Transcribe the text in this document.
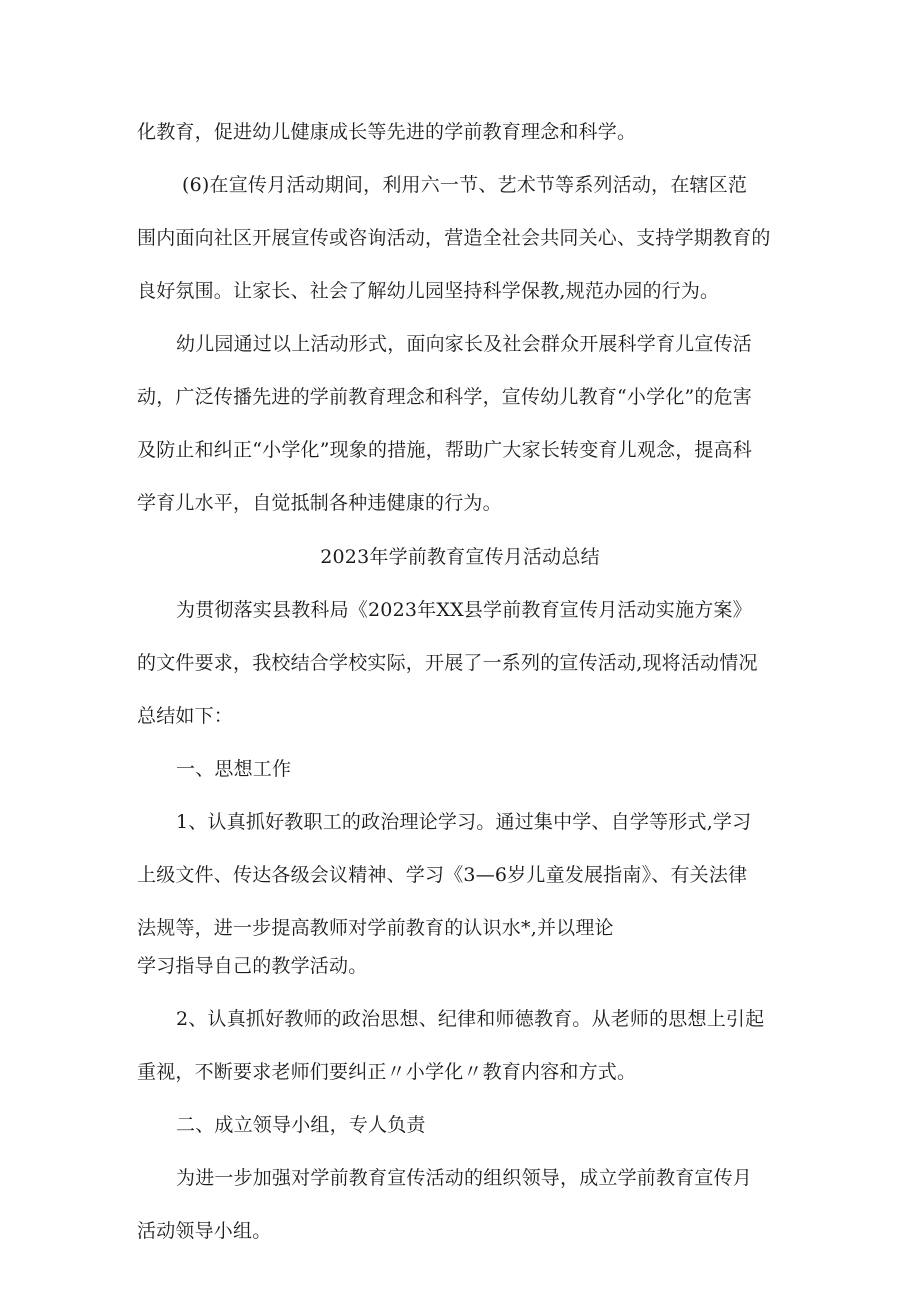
化教育，促进幼儿健康成长等先进的学前教育理念和科学。
(6)在宣传月活动期间，利用六一节、艺术节等系列活动，在辖区范
围内面向社区开展宣传或咨询活动，营造全社会共同关心、支持学期教育的
良好氛围。让家长、社会了解幼儿园坚持科学保教,规范办园的行为。
幼儿园通过以上活动形式，面向家长及社会群众开展科学育儿宣传活
动，广泛传播先进的学前教育理念和科学，宣传幼儿教育“小学化”的危害
及防止和纠正“小学化”现象的措施，帮助广大家长转变育儿观念，提高科
学育儿水平，自觉抵制各种违健康的行为。
2023年学前教育宣传月活动总结
为贯彻落实县教科局《2023年XX县学前教育宣传月活动实施方案》
的文件要求，我校结合学校实际，开展了一系列的宣传活动,现将活动情况
总结如下：
一、思想工作
1、认真抓好教职工的政治理论学习。通过集中学、自学等形式,学习
上级文件、传达各级会议精神、学习《3—6岁儿童发展指南》、有关法律
法规等，进一步提高教师对学前教育的认识水*,并以理论
学习指导自己的教学活动。
2、认真抓好教师的政治思想、纪律和师德教育。从老师的思想上引起
重视，不断要求老师们要纠正〃小学化〃教育内容和方式。
二、成立领导小组，专人负责
为进一步加强对学前教育宣传活动的组织领导，成立学前教育宣传月
活动领导小组。
